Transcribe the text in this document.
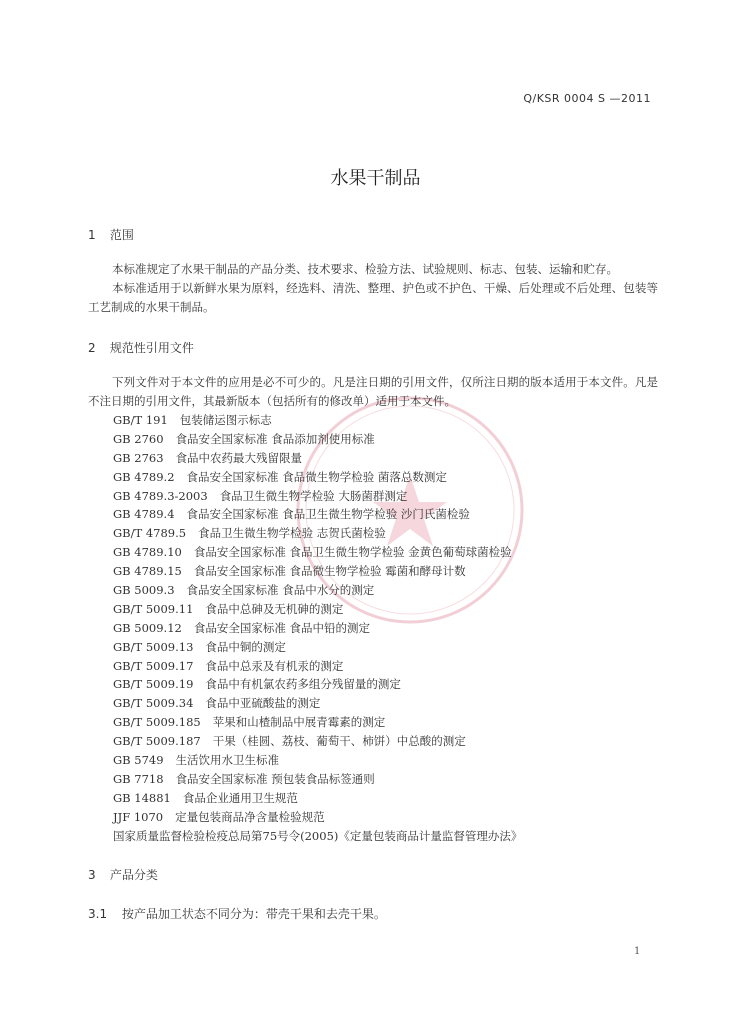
Q/KSR 0004 S —2011
水果干制品
1 范围
本标准规定了水果干制品的产品分类、技术要求、检验方法、试验规则、标志、包装、运输和贮存。
本标准适用于以新鲜水果为原料，经选料、清洗、整理、护色或不护色、干燥、后处理或不后处理、包装等工艺制成的水果干制品。
2 规范性引用文件
下列文件对于本文件的应用是必不可少的。凡是注日期的引用文件，仅所注日期的版本适用于本文件。凡是不注日期的引用文件，其最新版本（包括所有的修改单）适用于本文件。
GB/T 191 包装储运图示标志
GB 2760 食品安全国家标准 食品添加剂使用标准
GB 2763 食品中农药最大残留限量
GB 4789.2 食品安全国家标准 食品微生物学检验 菌落总数测定
GB 4789.3-2003 食品卫生微生物学检验 大肠菌群测定
GB 4789.4 食品安全国家标准 食品卫生微生物学检验 沙门氏菌检验
GB/T 4789.5 食品卫生微生物学检验 志贺氏菌检验
GB 4789.10 食品安全国家标准 食品卫生微生物学检验 金黄色葡萄球菌检验
GB 4789.15 食品安全国家标准 食品微生物学检验 霉菌和酵母计数
GB 5009.3 食品安全国家标准 食品中水分的测定
GB/T 5009.11 食品中总砷及无机砷的测定
GB 5009.12 食品安全国家标准 食品中铅的测定
GB/T 5009.13 食品中铜的测定
GB/T 5009.17 食品中总汞及有机汞的测定
GB/T 5009.19 食品中有机氯农药多组分残留量的测定
GB/T 5009.34 食品中亚硫酸盐的测定
GB/T 5009.185 苹果和山楂制品中展青霉素的测定
GB/T 5009.187 干果（桂圆、荔枝、葡萄干、柿饼）中总酸的测定
GB 5749 生活饮用水卫生标准
GB 7718 食品安全国家标准 预包装食品标签通则
GB 14881 食品企业通用卫生规范
JJF 1070 定量包装商品净含量检验规范
国家质量监督检验检疫总局第75号令(2005)《定量包装商品计量监督管理办法》
3 产品分类
3.1 按产品加工状态不同分为：带壳干果和去壳干果。
1
